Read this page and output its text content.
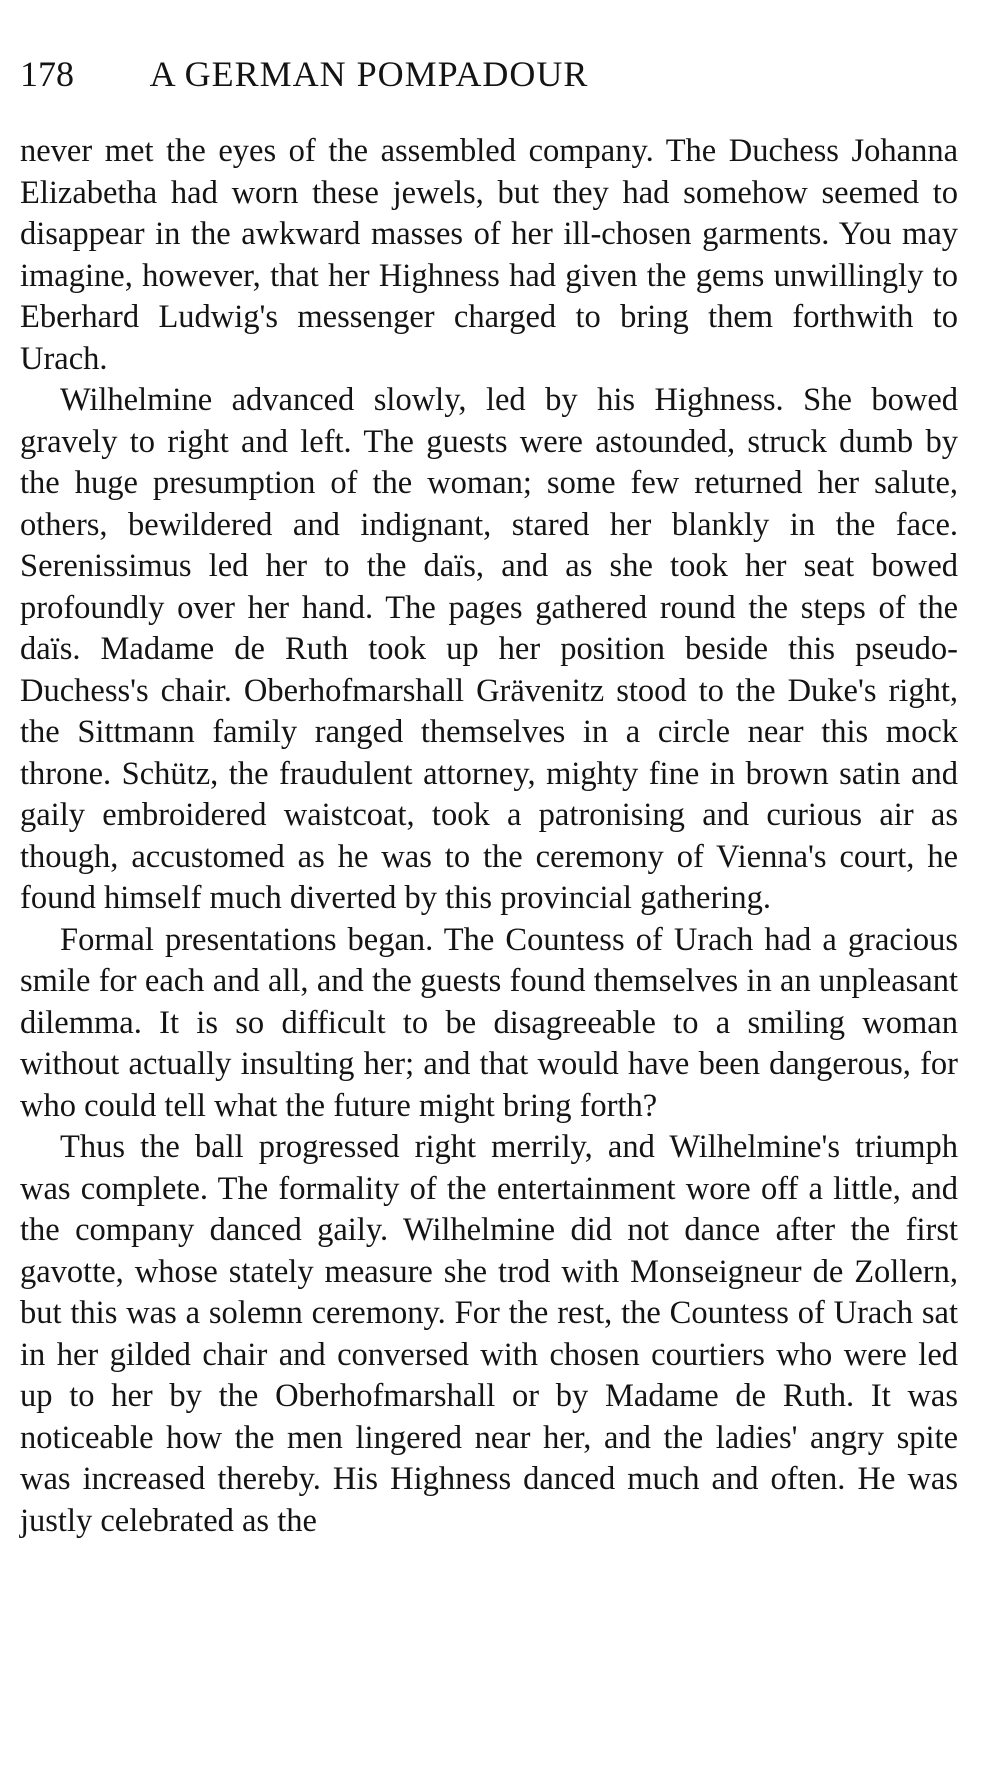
178	A GERMAN POMPADOUR

never met the eyes of the assembled company. The Duchess Johanna Elizabetha had worn these jewels, but they had somehow seemed to disappear in the awkward masses of her ill-chosen garments. You may imagine, however, that her Highness had given the gems unwillingly to Eberhard Ludwig's messenger charged to bring them forthwith to Urach.

Wilhelmine advanced slowly, led by his Highness. She bowed gravely to right and left. The guests were astounded, struck dumb by the huge presumption of the woman; some few returned her salute, others, bewildered and indignant, stared her blankly in the face. Serenissimus led her to the daïs, and as she took her seat bowed profoundly over her hand. The pages gathered round the steps of the daïs. Madame de Ruth took up her position beside this pseudo-Duchess's chair. Oberhofmarshall Grävenitz stood to the Duke's right, the Sittmann family ranged themselves in a circle near this mock throne. Schütz, the fraudulent attorney, mighty fine in brown satin and gaily embroidered waistcoat, took a patronising and curious air as though, accustomed as he was to the ceremony of Vienna's court, he found himself much diverted by this provincial gathering.

Formal presentations began. The Countess of Urach had a gracious smile for each and all, and the guests found themselves in an unpleasant dilemma. It is so difficult to be disagreeable to a smiling woman without actually insulting her; and that would have been dangerous, for who could tell what the future might bring forth?

Thus the ball progressed right merrily, and Wilhelmine's triumph was complete. The formality of the entertainment wore off a little, and the company danced gaily. Wilhelmine did not dance after the first gavotte, whose stately measure she trod with Monseigneur de Zollern, but this was a solemn ceremony. For the rest, the Countess of Urach sat in her gilded chair and conversed with chosen courtiers who were led up to her by the Oberhofmarshall or by Madame de Ruth. It was noticeable how the men lingered near her, and the ladies' angry spite was increased thereby. His Highness danced much and often. He was justly celebrated as the
